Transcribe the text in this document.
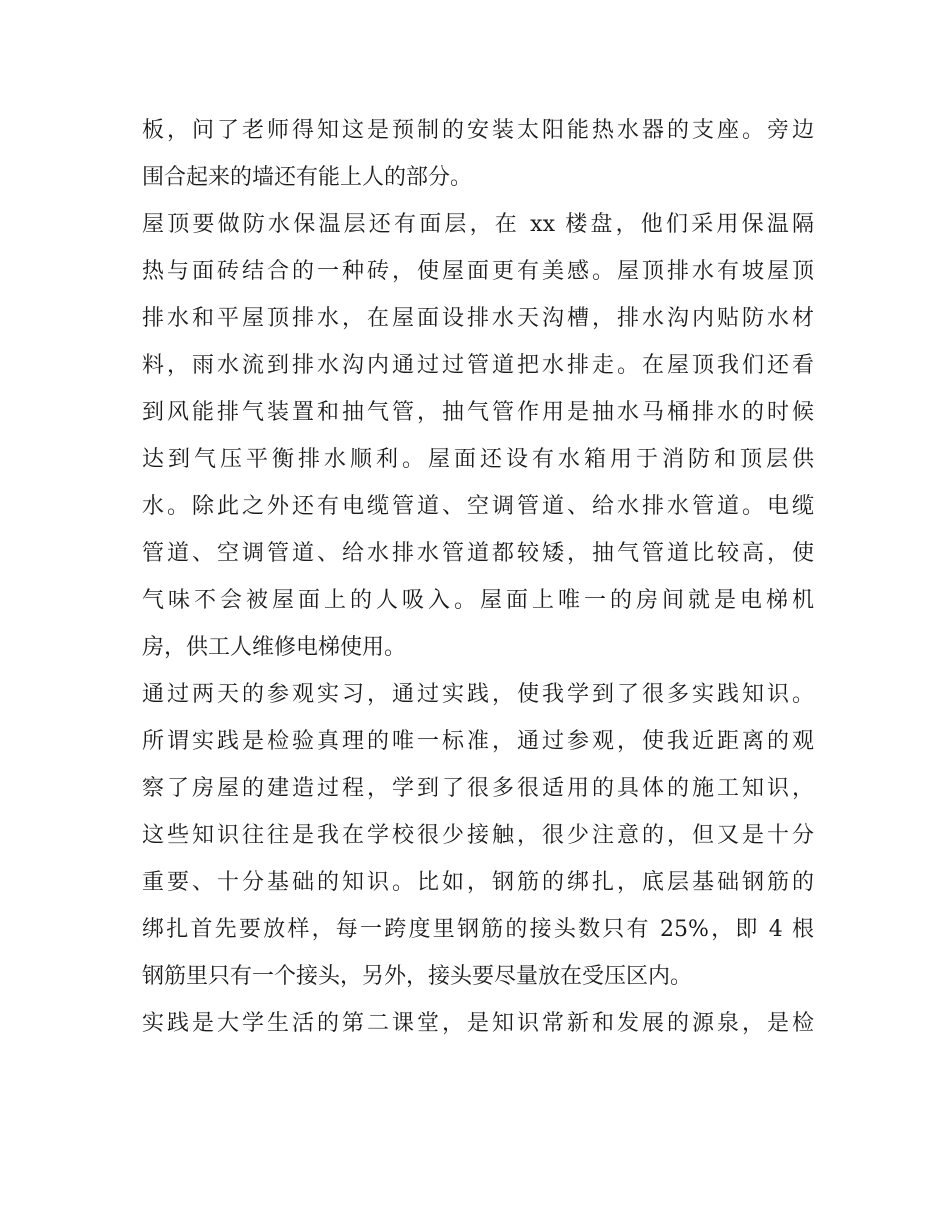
板，问了老师得知这是预制的安装太阳能热水器的支座。旁边
围合起来的墙还有能上人的部分。
屋顶要做防水保温层还有面层，在 xx 楼盘，他们采用保温隔
热与面砖结合的一种砖，使屋面更有美感。屋顶排水有坡屋顶
排水和平屋顶排水，在屋面设排水天沟槽，排水沟内贴防水材
料，雨水流到排水沟内通过过管道把水排走。在屋顶我们还看
到风能排气装置和抽气管，抽气管作用是抽水马桶排水的时候
达到气压平衡排水顺利。屋面还设有水箱用于消防和顶层供
水。除此之外还有电缆管道、空调管道、给水排水管道。电缆
管道、空调管道、给水排水管道都较矮，抽气管道比较高，使
气味不会被屋面上的人吸入。屋面上唯一的房间就是电梯机
房，供工人维修电梯使用。
通过两天的参观实习，通过实践，使我学到了很多实践知识。
所谓实践是检验真理的唯一标准，通过参观，使我近距离的观
察了房屋的建造过程，学到了很多很适用的具体的施工知识，
这些知识往往是我在学校很少接触，很少注意的，但又是十分
重要、十分基础的知识。比如，钢筋的绑扎，底层基础钢筋的
绑扎首先要放样，每一跨度里钢筋的接头数只有 25%，即 4 根
钢筋里只有一个接头，另外，接头要尽量放在受压区内。
实践是大学生活的第二课堂，是知识常新和发展的源泉，是检
